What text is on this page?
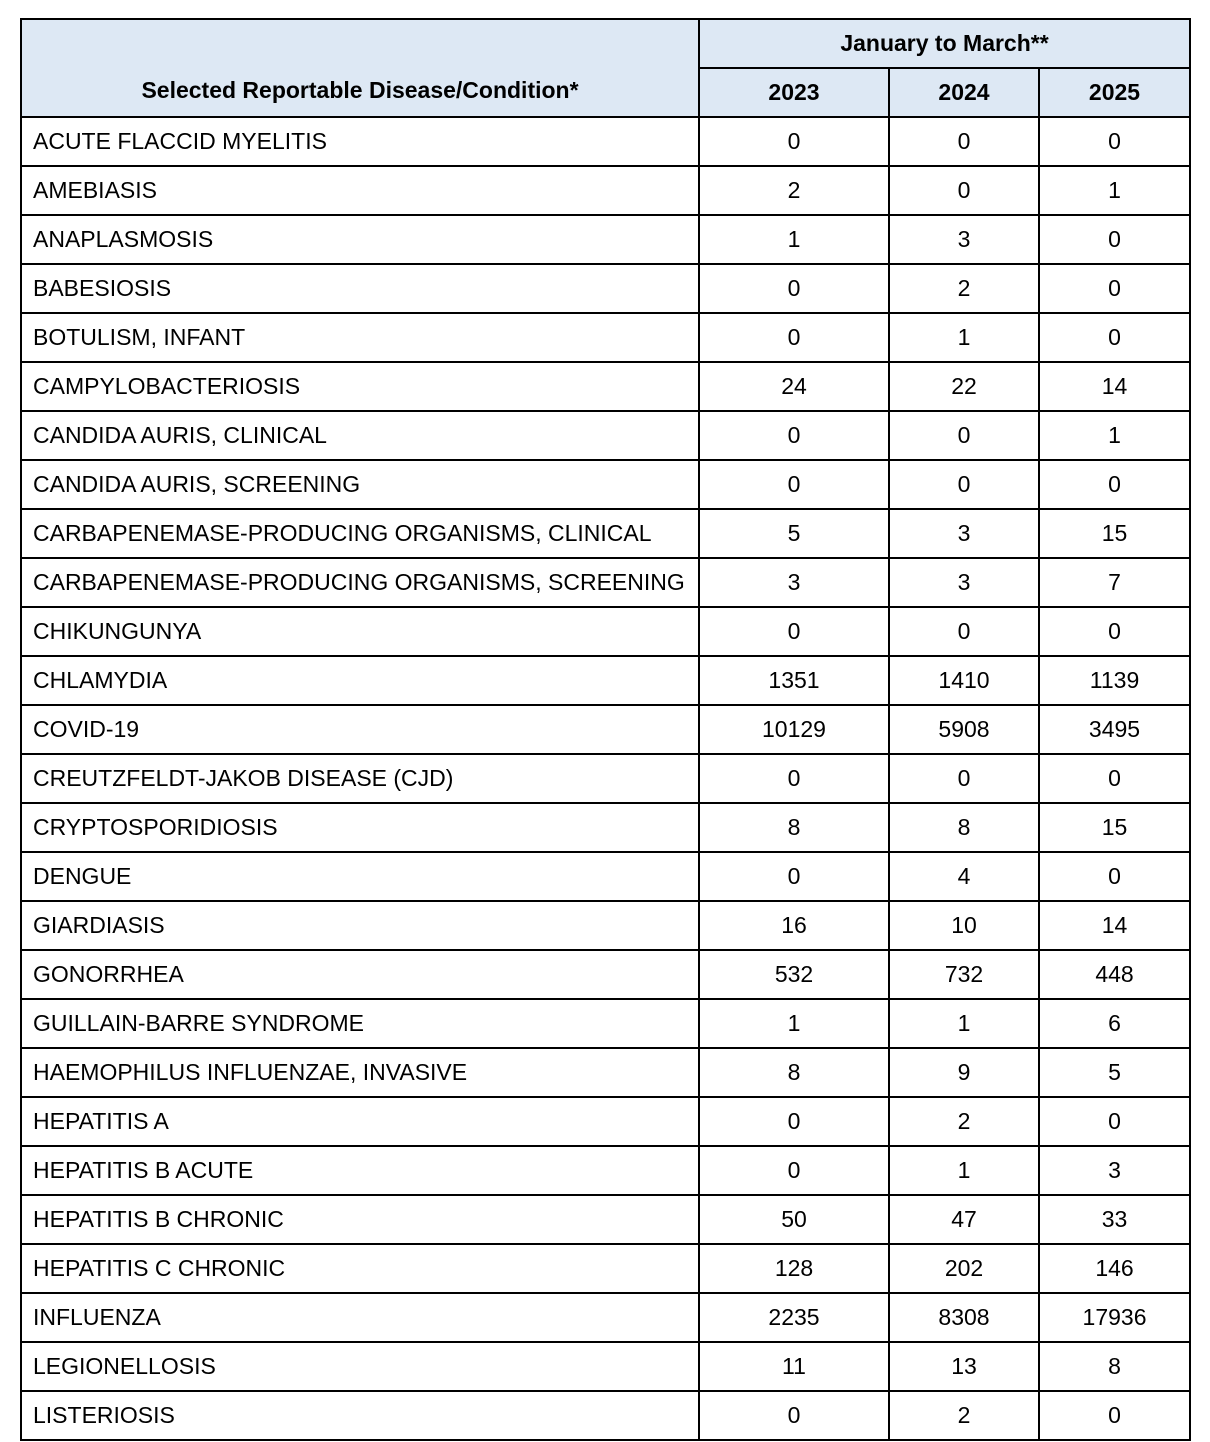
Selected Reportable Disease/Condition*	January to March**		
	2023	2024	2025
ACUTE FLACCID MYELITIS	0	0	0
AMEBIASIS	2	0	1
ANAPLASMOSIS	1	3	0
BABESIOSIS	0	2	0
BOTULISM, INFANT	0	1	0
CAMPYLOBACTERIOSIS	24	22	14
CANDIDA AURIS, CLINICAL	0	0	1
CANDIDA AURIS, SCREENING	0	0	0
CARBAPENEMASE-PRODUCING ORGANISMS, CLINICAL	5	3	15
CARBAPENEMASE-PRODUCING ORGANISMS, SCREENING	3	3	7
CHIKUNGUNYA	0	0	0
CHLAMYDIA	1351	1410	1139
COVID-19	10129	5908	3495
CREUTZFELDT-JAKOB DISEASE (CJD)	0	0	0
CRYPTOSPORIDIOSIS	8	8	15
DENGUE	0	4	0
GIARDIASIS	16	10	14
GONORRHEA	532	732	448
GUILLAIN-BARRE SYNDROME	1	1	6
HAEMOPHILUS INFLUENZAE, INVASIVE	8	9	5
HEPATITIS A	0	2	0
HEPATITIS B ACUTE	0	1	3
HEPATITIS B CHRONIC	50	47	33
HEPATITIS C CHRONIC	128	202	146
INFLUENZA	2235	8308	17936
LEGIONELLOSIS	11	13	8
LISTERIOSIS	0	2	0
